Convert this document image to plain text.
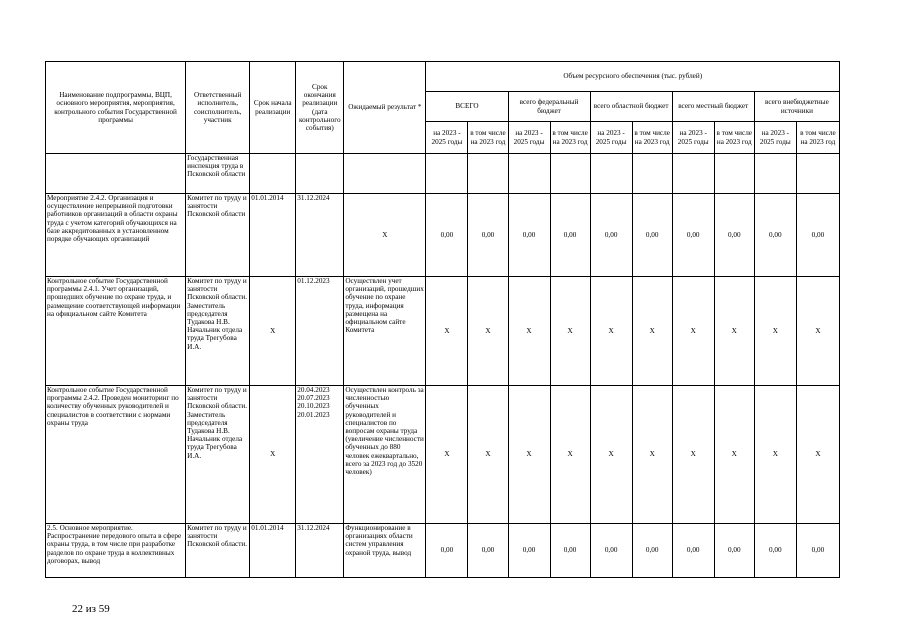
Наименование подпрограммы, ВЦП, основного мероприятия, мероприятия, контрольного события Государственной программы	Ответственный исполнитель, соисполнитель, участник	Срок начала реализации	Срок окончания реализации (дата контрольного события)	Ожидаемый результат *	Объем ресурсного обеспечения (тыс. рублей)									
					ВСЕГО		всего федеральный бюджет		всего областной бюджет		всего местный бюджет		всего внебюджетные источники	
					на 2023 - 2025 годы	в том числе на 2023 год	на 2023 - 2025 годы	в том числе на 2023 год	на 2023 - 2025 годы	в том числе на 2023 год	на 2023 - 2025 годы	в том числе на 2023 год	на 2023 - 2025 годы	в том числе на 2023 год
	Государственная инспекция труда в Псковской области													
Мероприятие 2.4.2. Организация и осуществление непрерывной подготовки работников организаций в области охраны труда с учетом категорий обучающихся на базе аккредитованных в установленном порядке обучающих организаций	Комитет по труду и занятости Псковской области	01.01.2014	31.12.2024	X	0,00	0,00	0,00	0,00	0,00	0,00	0,00	0,00	0,00	0,00
Контрольное событие Государственной программы 2.4.1. Учет организаций, прошедших обучение по охране труда, и размещение соответствующей информации на официальном сайте Комитета	Комитет по труду и занятости Псковской области. Заместитель председателя Тудакова Н.В. Начальник отдела труда Трегубова И.А.	X	01.12.2023	Осуществлен учет организаций, прошедших обучение по охране труда, информация размещена на официальном сайте Комитета	X	X	X	X	X	X	X	X	X	X
Контрольное событие Государственной программы 2.4.2. Проведен мониторинг по количеству обученных руководителей и специалистов в соответствии с нормами охраны труда	Комитет по труду и занятости Псковской области. Заместитель председателя Тудакова Н.В. Начальник отдела труда Трегубова И.А.	X	20.04.2023
20.07.2023
20.10.2023
20.01.2023	Осуществлен контроль за численностью обученных руководителей и специалистов по вопросам охраны труда (увеличение численности обученных до 880 человек ежеквартально, всего за 2023 год до 3520 человек)	X	X	X	X	X	X	X	X	X	X
2.5. Основное мероприятие. Распространение передового опыта в сфере охраны труда, в том числе при разработке разделов по охране труда в коллективных договорах, вывод	Комитет по труду и занятости Псковской области.	01.01.2014	31.12.2024	Функционирование в организациях области систем управления охраной труда, вывод	0,00	0,00	0,00	0,00	0,00	0,00	0,00	0,00	0,00	0,00
22 из 59
